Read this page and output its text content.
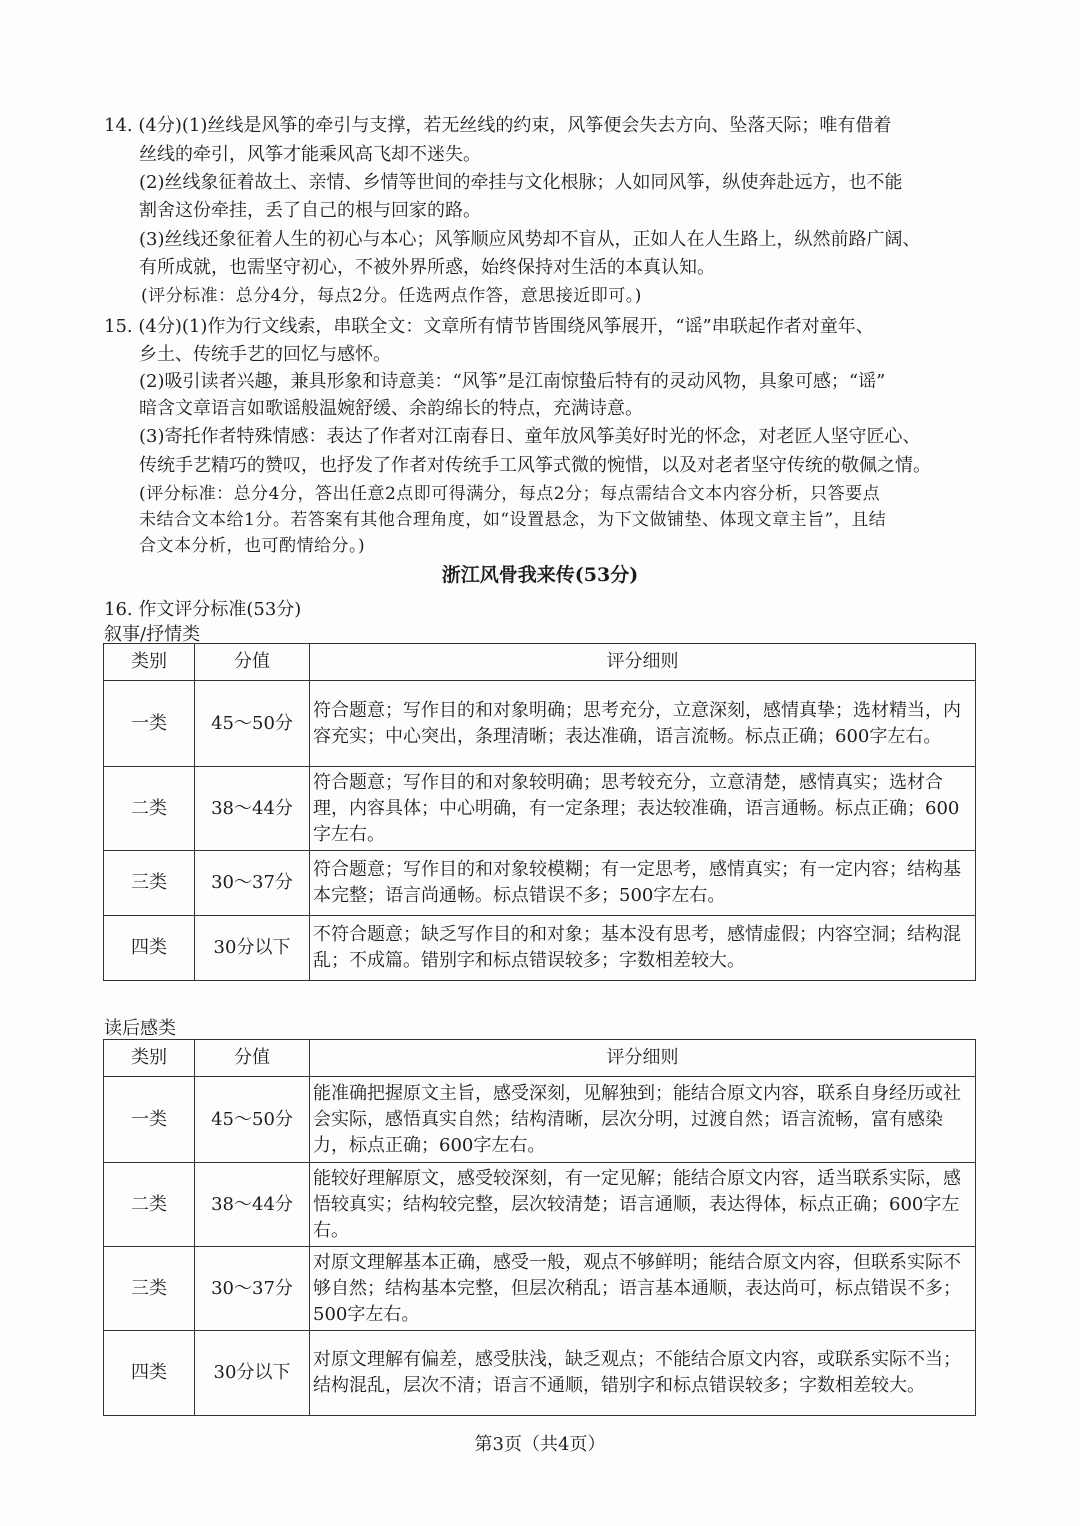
14. (4分)(1)丝线是风筝的牵引与支撑，若无丝线的约束，风筝便会失去方向、坠落天际；唯有借着

丝线的牵引，风筝才能乘风高飞却不迷失。

(2)丝线象征着故土、亲情、乡情等世间的牵挂与文化根脉；人如同风筝，纵使奔赴远方，也不能

割舍这份牵挂，丢了自己的根与回家的路。

(3)丝线还象征着人生的初心与本心；风筝顺应风势却不盲从，正如人在人生路上，纵然前路广阔、

有所成就，也需坚守初心，不被外界所惑，始终保持对生活的本真认知。

(评分标准：总分4分，每点2分。任选两点作答，意思接近即可。)

15. (4分)(1)作为行文线索，串联全文：文章所有情节皆围绕风筝展开，“谣”串联起作者对童年、

乡土、传统手艺的回忆与感怀。

(2)吸引读者兴趣，兼具形象和诗意美：“风筝”是江南惊蛰后特有的灵动风物，具象可感；“谣”

暗含文章语言如歌谣般温婉舒缓、余韵绵长的特点，充满诗意。

(3)寄托作者特殊情感：表达了作者对江南春日、童年放风筝美好时光的怀念，对老匠人坚守匠心、

传统手艺精巧的赞叹，也抒发了作者对传统手工风筝式微的惋惜，以及对老者坚守传统的敬佩之情。

(评分标准：总分4分，答出任意2点即可得满分，每点2分；每点需结合文本内容分析，只答要点

未结合文本给1分。若答案有其他合理角度，如“设置悬念，为下文做铺垫、体现文章主旨”，且结

合文本分析，也可酌情给分。)

浙江风骨我来传(53分)
16. 作文评分标准(53分)
叙事/抒情类
类别	分值	评分细则
一类	45～50分	符合题意；写作目的和对象明确；思考充分，立意深刻，感情真挚；选材精当，内容充实；中心突出，条理清晰；表达准确，语言流畅。标点正确；600字左右。
二类	38～44分	符合题意；写作目的和对象较明确；思考较充分，立意清楚，感情真实；选材合理，内容具体；中心明确，有一定条理；表达较准确，语言通畅。标点正确；600字左右。
三类	30～37分	符合题意；写作目的和对象较模糊；有一定思考，感情真实；有一定内容；结构基本完整；语言尚通畅。标点错误不多；500字左右。
四类	30分以下	不符合题意；缺乏写作目的和对象；基本没有思考，感情虚假；内容空洞；结构混乱；不成篇。错别字和标点错误较多；字数相差较大。
读后感类
类别	分值	评分细则
一类	45～50分	能准确把握原文主旨，感受深刻，见解独到；能结合原文内容，联系自身经历或社会实际，感悟真实自然；结构清晰，层次分明，过渡自然；语言流畅，富有感染力，标点正确；600字左右。
二类	38～44分	能较好理解原文，感受较深刻，有一定见解；能结合原文内容，适当联系实际，感悟较真实；结构较完整，层次较清楚；语言通顺，表达得体，标点正确；600字左右。
三类	30～37分	对原文理解基本正确，感受一般，观点不够鲜明；能结合原文内容，但联系实际不够自然；结构基本完整，但层次稍乱；语言基本通顺，表达尚可，标点错误不多；500字左右。
四类	30分以下	对原文理解有偏差，感受肤浅，缺乏观点；不能结合原文内容，或联系实际不当；结构混乱，层次不清；语言不通顺，错别字和标点错误较多；字数相差较大。
第3页（共4页）
